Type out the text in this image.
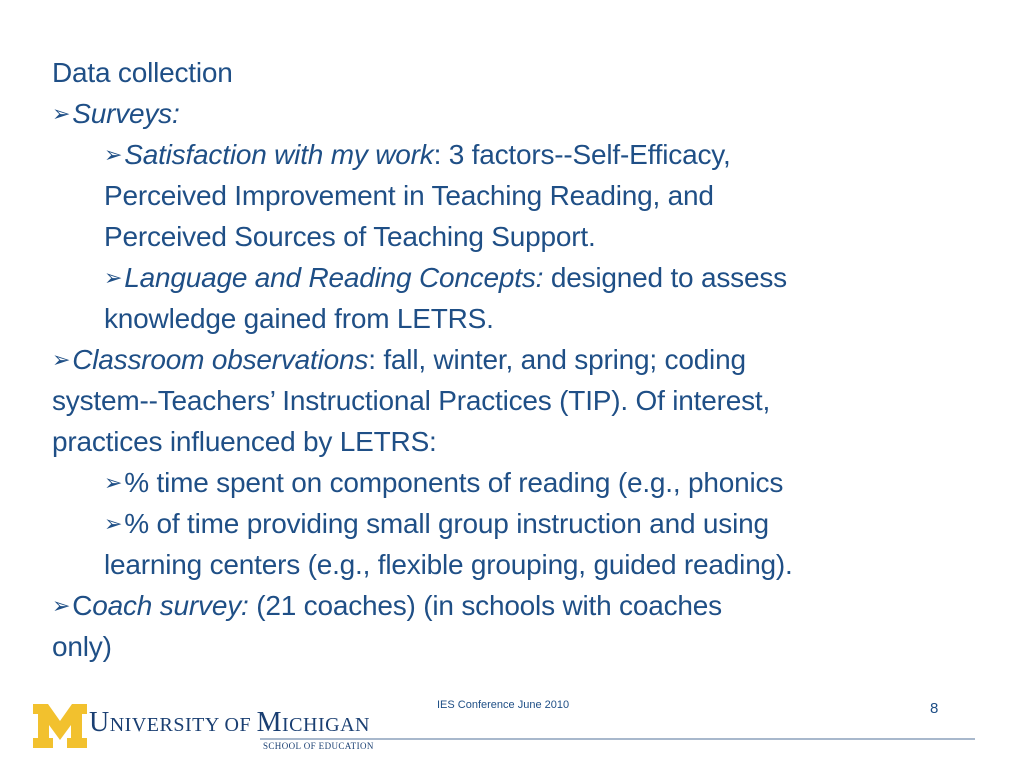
Data collection

➢Surveys:

➢Satisfaction with my work: 3 factors--Self-Efficacy,

Perceived Improvement in Teaching Reading, and

Perceived Sources of Teaching Support.

➢Language and Reading Concepts: designed to assess

knowledge gained from LETRS.

➢Classroom observations: fall, winter, and spring; coding

system--Teachers’ Instructional Practices (TIP). Of interest,

practices influenced by LETRS:

➢% time spent on components of reading (e.g., phonics

➢% of time providing small group instruction and using

learning centers (e.g., flexible grouping, guided reading).

➢Coach survey: (21 coaches) (in schools with coaches

only)

UNIVERSITY OF MICHIGAN
SCHOOL OF EDUCATION
IES Conference June 2010	8
